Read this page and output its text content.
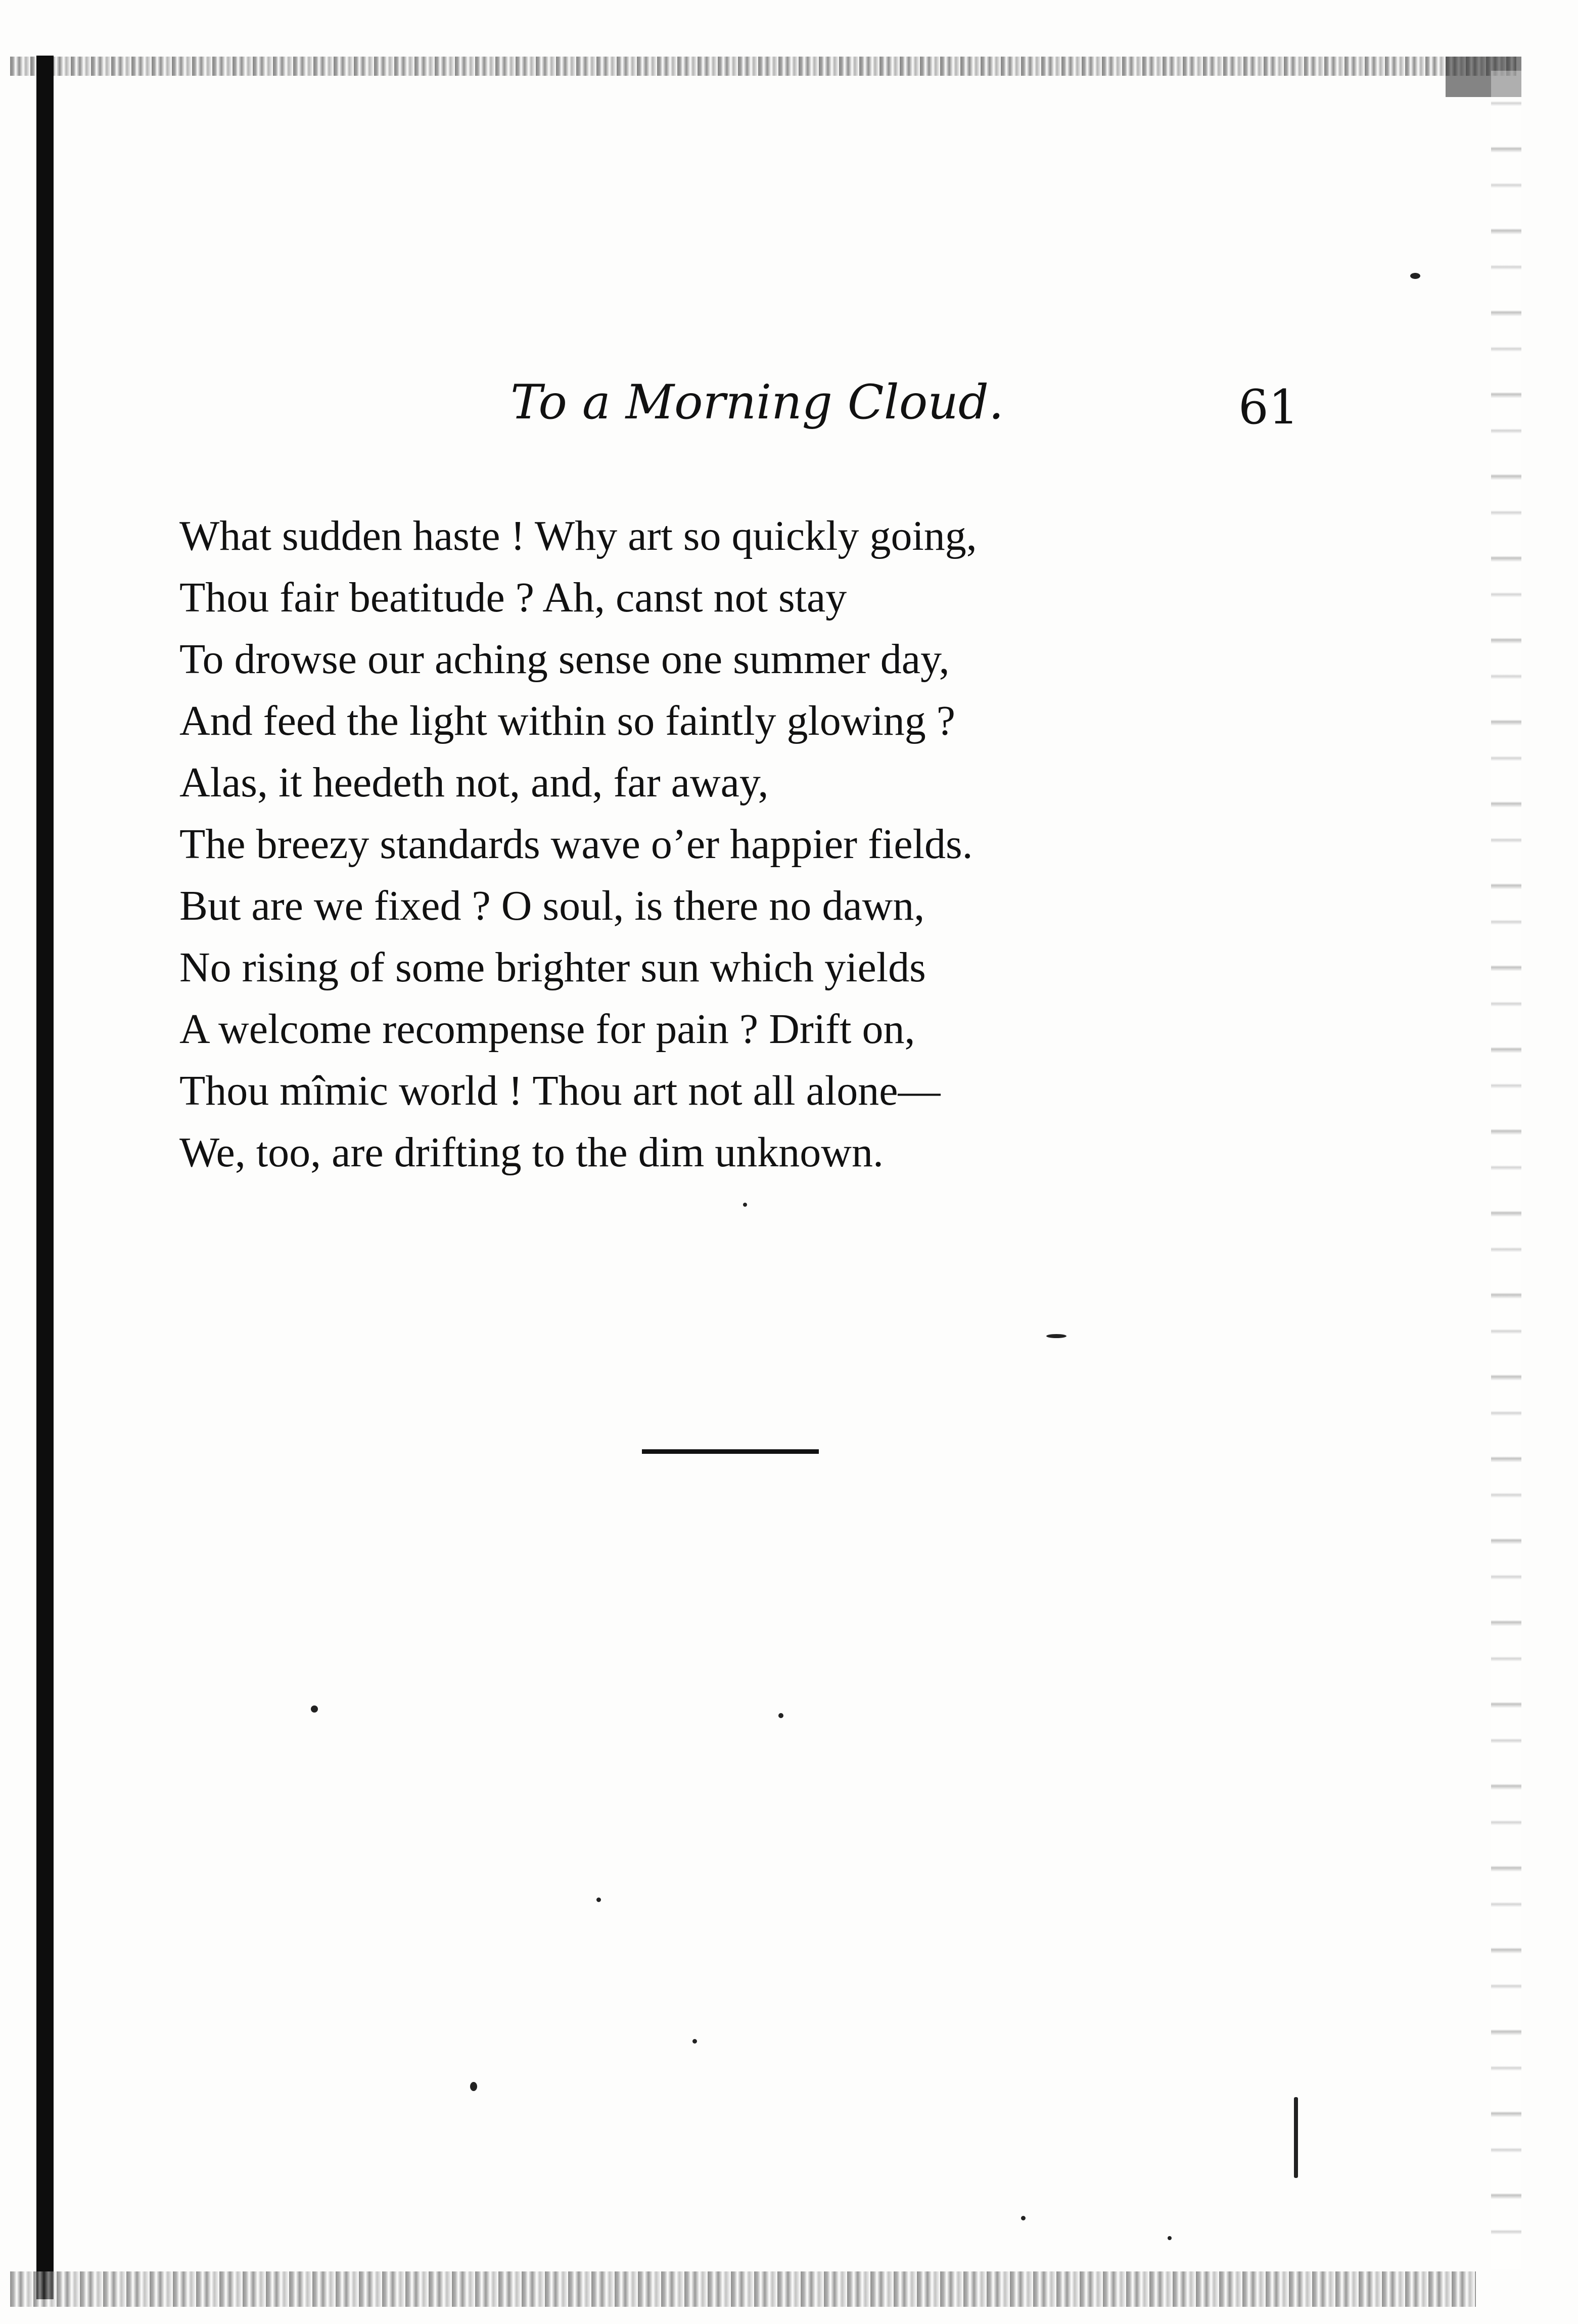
To a Morning Cloud.	61
What sudden haste ! Why art so quickly going,
Thou fair beatitude ? Ah, canst not stay
To drowse our aching sense one summer day,
And feed the light within so faintly glowing ?
Alas, it heedeth not, and, far away,
The breezy standards wave o’er happier fields.
But are we fixed ? O soul, is there no dawn,
No rising of some brighter sun which yields
A welcome recompense for pain ? Drift on,
Thou mîmic world ! Thou art not all alone—
We, too, are drifting to the dim unknown.
